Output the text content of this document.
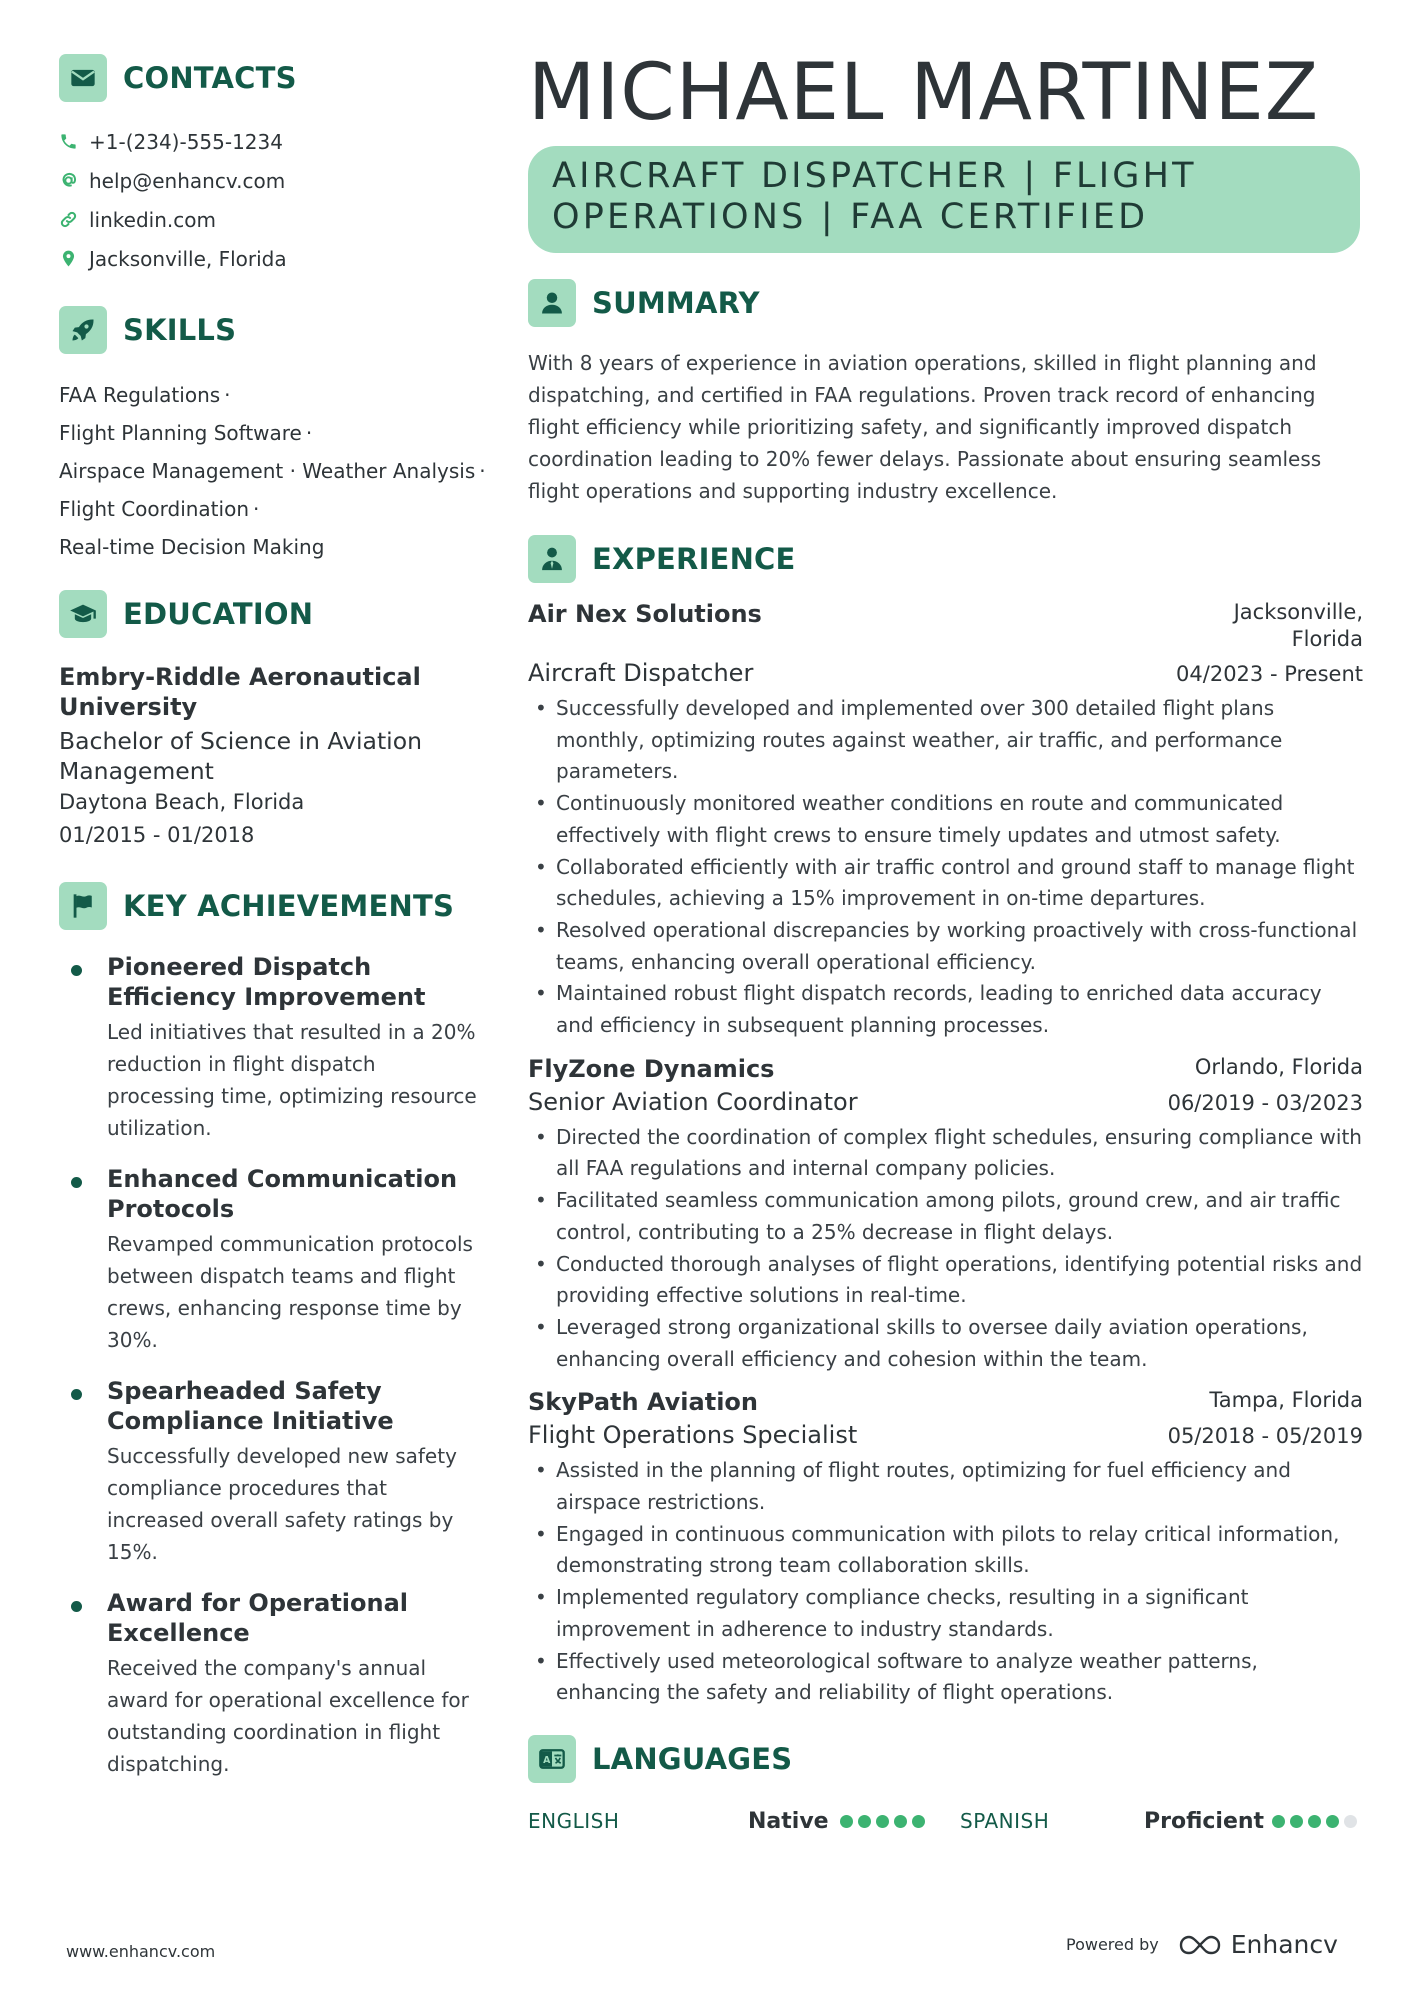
CONTACTS
+1-(234)-555-1234
help@enhancv.com
linkedin.com
Jacksonville, Florida
SKILLS
FAA Regulations ·
Flight Planning Software ·
Airspace Management · Weather Analysis ·
Flight Coordination ·
Real-time Decision Making
EDUCATION
Embry-Riddle Aeronautical University
Bachelor of Science in Aviation Management
Daytona Beach, Florida
01/2015 - 01/2018
KEY ACHIEVEMENTS
Pioneered Dispatch Efficiency Improvement
Led initiatives that resulted in a 20% reduction in flight dispatch processing time, optimizing resource utilization.
Enhanced Communication Protocols
Revamped communication protocols between dispatch teams and flight crews, enhancing response time by 30%.
Spearheaded Safety Compliance Initiative
Successfully developed new safety compliance procedures that increased overall safety ratings by 15%.
Award for Operational Excellence
Received the company's annual award for operational excellence for outstanding coordination in flight dispatching.
MICHAEL MARTINEZ
AIRCRAFT DISPATCHER | FLIGHT
OPERATIONS | FAA CERTIFIED
SUMMARY
With 8 years of experience in aviation operations, skilled in flight planning and dispatching, and certified in FAA regulations. Proven track record of enhancing flight efficiency while prioritizing safety, and significantly improved dispatch coordination leading to 20% fewer delays. Passionate about ensuring seamless flight operations and supporting industry excellence.
EXPERIENCE
Air Nex Solutions	Jacksonville, Florida
Aircraft Dispatcher	04/2023 - Present
• Successfully developed and implemented over 300 detailed flight plans monthly, optimizing routes against weather, air traffic, and performance parameters.
• Continuously monitored weather conditions en route and communicated effectively with flight crews to ensure timely updates and utmost safety.
• Collaborated efficiently with air traffic control and ground staff to manage flight schedules, achieving a 15% improvement in on-time departures.
• Resolved operational discrepancies by working proactively with cross-functional teams, enhancing overall operational efficiency.
• Maintained robust flight dispatch records, leading to enriched data accuracy and efficiency in subsequent planning processes.
FlyZone Dynamics	Orlando, Florida
Senior Aviation Coordinator	06/2019 - 03/2023
• Directed the coordination of complex flight schedules, ensuring compliance with all FAA regulations and internal company policies.
• Facilitated seamless communication among pilots, ground crew, and air traffic control, contributing to a 25% decrease in flight delays.
• Conducted thorough analyses of flight operations, identifying potential risks and providing effective solutions in real-time.
• Leveraged strong organizational skills to oversee daily aviation operations, enhancing overall efficiency and cohesion within the team.
SkyPath Aviation	Tampa, Florida
Flight Operations Specialist	05/2018 - 05/2019
• Assisted in the planning of flight routes, optimizing for fuel efficiency and airspace restrictions.
• Engaged in continuous communication with pilots to relay critical information, demonstrating strong team collaboration skills.
• Implemented regulatory compliance checks, resulting in a significant improvement in adherence to industry standards.
• Effectively used meteorological software to analyze weather patterns, enhancing the safety and reliability of flight operations.
A LANGUAGES
ENGLISH	Native	SPANISH	Proficient
www.enhancv.com	Powered by	Enhancv
